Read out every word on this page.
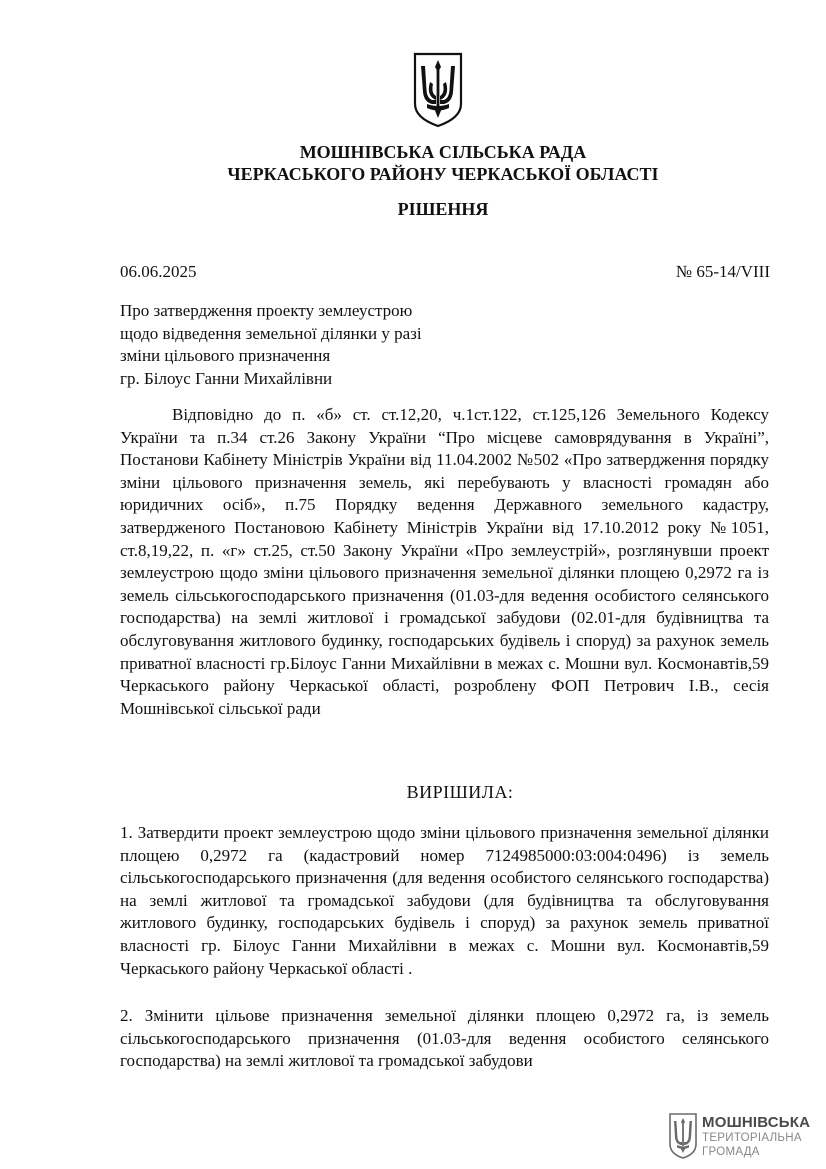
МОШНІВСЬКА СІЛЬСЬКА РАДА
ЧЕРКАСЬКОГО РАЙОНУ ЧЕРКАСЬКОЇ ОБЛАСТІ
РІШЕННЯ
06.06.2025	№ 65-14/VIII
Про затвердження проекту землеустрою
щодо відведення земельної ділянки у разі
зміни цільового призначення
гр. Білоус Ганни Михайлівни
Відповідно до п. «б» ст. ст.12,20, ч.1ст.122, ст.125,126 Земельного Кодексу України та п.34 ст.26 Закону України “Про місцеве самоврядування в Україні”, Постанови Кабінету Міністрів України від 11.04.2002 №502 «Про затвердження порядку зміни цільового призначення земель, які перебувають у власності громадян або юридичних осіб», п.75 Порядку ведення Державного земельного кадастру, затвердженого Постановою Кабінету Міністрів України від 17.10.2012 року №1051, ст.8,19,22, п. «г» ст.25, ст.50 Закону України «Про землеустрій», розглянувши проект землеустрою щодо зміни цільового призначення земельної ділянки площею 0,2972 га із земель сільськогосподарського призначення (01.03-для ведення особистого селянського господарства) на землі житлової і громадської забудови (02.01-для будівництва та обслуговування житлового будинку, господарських будівель і споруд) за рахунок земель приватної власності гр.Білоус Ганни Михайлівни в межах с. Мошни вул. Космонавтів,59 Черкаського району Черкаської області, розроблену ФОП Петрович І.В., сесія Мошнівської сільської ради
ВИРІШИЛА:
1. Затвердити проект землеустрою щодо зміни цільового призначення земельної ділянки площею 0,2972 га (кадастровий номер 7124985000:03:004:0496) із земель сільськогосподарського призначення (для ведення особистого селянського господарства) на землі житлової та громадської забудови (для будівництва та обслуговування житлового будинку, господарських будівель і споруд) за рахунок земель приватної власності гр. Білоус Ганни Михайлівни в межах с. Мошни вул. Космонавтів,59 Черкаського району Черкаської області .
2. Змінити цільове призначення земельної ділянки площею 0,2972 га, із земель сільськогосподарського призначення (01.03-для ведення особистого селянського господарства) на землі житлової та громадської забудови
МОШНІВСЬКА
ТЕРИТОРІАЛЬНА
ГРОМАДА
